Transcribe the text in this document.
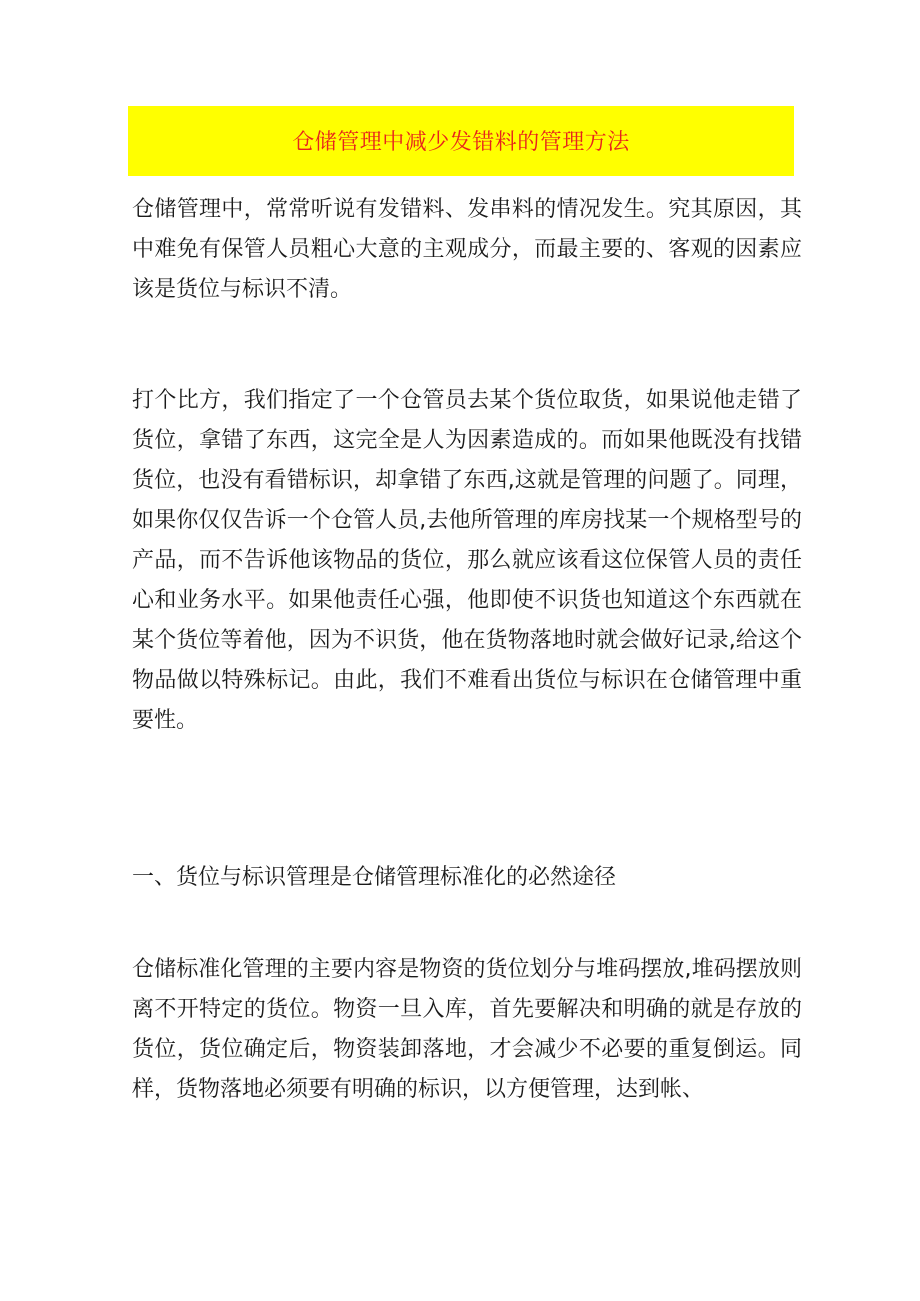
仓储管理中减少发错料的管理方法

仓储管理中，常常听说有发错料、发串料的情况发生。究其原因，其中难免有保管人员粗心大意的主观成分，而最主要的、客观的因素应该是货位与标识不清。

打个比方，我们指定了一个仓管员去某个货位取货，如果说他走错了货位，拿错了东西，这完全是人为因素造成的。而如果他既没有找错货位，也没有看错标识，却拿错了东西,这就是管理的问题了。同理，如果你仅仅告诉一个仓管人员,去他所管理的库房找某一个规格型号的产品，而不告诉他该物品的货位，那么就应该看这位保管人员的责任心和业务水平。如果他责任心强，他即使不识货也知道这个东西就在某个货位等着他，因为不识货，他在货物落地时就会做好记录,给这个物品做以特殊标记。由此，我们不难看出货位与标识在仓储管理中重要性。

一、货位与标识管理是仓储管理标准化的必然途径

仓储标准化管理的主要内容是物资的货位划分与堆码摆放,堆码摆放则离不开特定的货位。物资一旦入库，首先要解决和明确的就是存放的货位，货位确定后，物资装卸落地，才会减少不必要的重复倒运。同样，货物落地必须要有明确的标识，以方便管理，达到帐、
